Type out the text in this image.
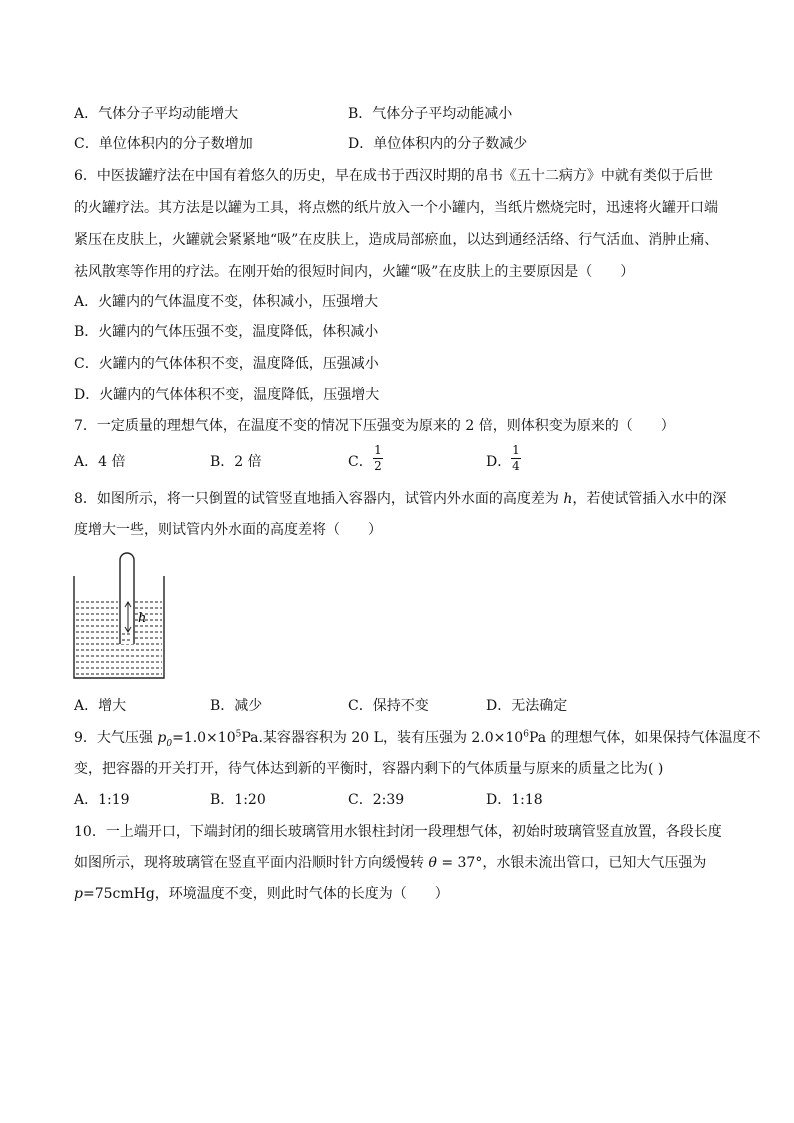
A．气体分子平均动能增大	B．气体分子平均动能减小
C．单位体积内的分子数增加	D．单位体积内的分子数减少
6．中医拔罐疗法在中国有着悠久的历史，早在成书于西汉时期的帛书《五十二病方》中就有类似于后世
的火罐疗法。其方法是以罐为工具，将点燃的纸片放入一个小罐内，当纸片燃烧完时，迅速将火罐开口端
紧压在皮肤上，火罐就会紧紧地“吸”在皮肤上，造成局部瘀血，以达到通经活络、行气活血、消肿止痛、
祛风散寒等作用的疗法。在刚开始的很短时间内，火罐“吸”在皮肤上的主要原因是（　　）
A．火罐内的气体温度不变，体积减小，压强增大
B．火罐内的气体压强不变，温度降低，体积减小
C．火罐内的气体体积不变，温度降低，压强减小
D．火罐内的气体体积不变，温度降低，压强增大
7．一定质量的理想气体，在温度不变的情况下压强变为原来的 2 倍，则体积变为原来的（　　）
A．4 倍	B．2 倍	C．
1
2	D．
1
4
8．如图所示，将一只倒置的试管竖直地插入容器内，试管内外水面的高度差为 h，若使试管插入水中的深
度增大一些，则试管内外水面的高度差将（　　）
h
A．增大	B．减少	C．保持不变	D．无法确定
9．大气压强 $p_0=1.0\times 10^5Pa$.某容器容积为 20 L，装有压强为 $2.0\times 10^6Pa$ 的理想气体，如果保持气体温度不
变，把容器的开关打开，待气体达到新的平衡时，容器内剩下的气体质量与原来的质量之比为( )
A．1:19	B．1:20	C．2:39	D．1:18
10．一上端开口，下端封闭的细长玻璃管用水银柱封闭一段理想气体，初始时玻璃管竖直放置，各段长度
如图所示，现将玻璃管在竖直平面内沿顺时针方向缓慢转 θ = 37°，水银未流出管口，已知大气压强为
p=75cmHg，环境温度不变，则此时气体的长度为（　　）
